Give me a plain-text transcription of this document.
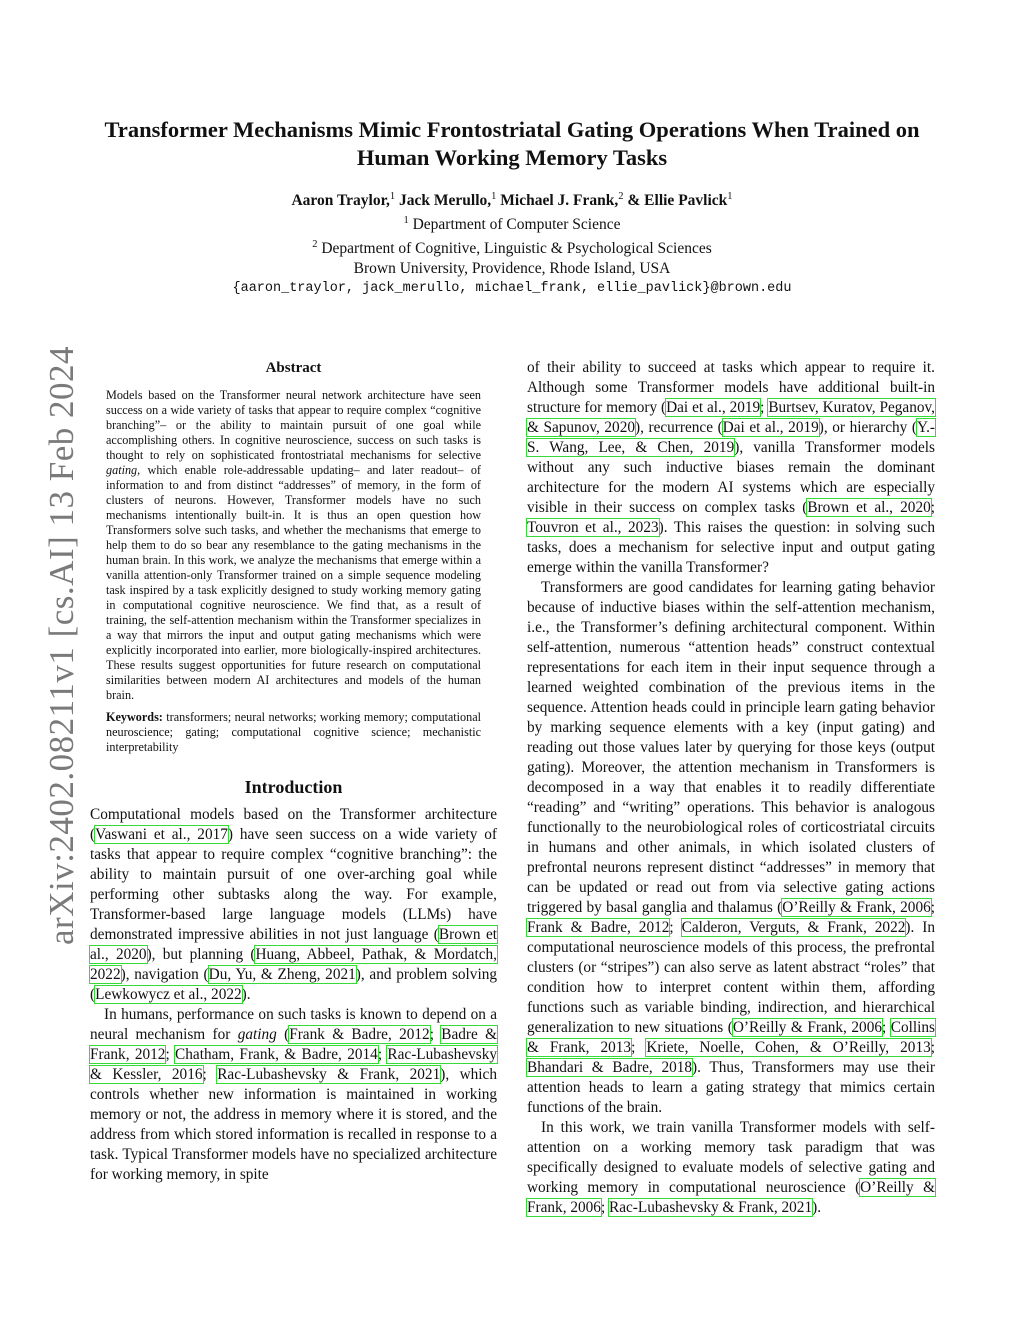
arXiv:2402.08211v1 [cs.AI] 13 Feb 2024
Transformer Mechanisms Mimic Frontostriatal Gating Operations When Trained on Human Working Memory Tasks
Aaron Traylor,$^1$ Jack Merullo,$^1$ Michael J. Frank,$^2$ & Ellie Pavlick$^1$
$^1$ Department of Computer Science
$^2$ Department of Cognitive, Linguistic & Psychological Sciences
Brown University, Providence, Rhode Island, USA
{aaron_traylor, jack_merullo, michael_frank, ellie_pavlick}@brown.edu
Abstract

Models based on the Transformer neural network architecture have seen success on a wide variety of tasks that appear to require complex “cognitive branching”– or the ability to maintain pursuit of one goal while accomplishing others. In cognitive neuroscience, success on such tasks is thought to rely on sophisticated frontostriatal mechanisms for selective gating, which enable role-addressable updating– and later readout– of information to and from distinct “addresses” of memory, in the form of clusters of neurons. However, Transformer models have no such mechanisms intentionally built-in. It is thus an open question how Transformers solve such tasks, and whether the mechanisms that emerge to help them to do so bear any resemblance to the gating mechanisms in the human brain. In this work, we analyze the mechanisms that emerge within a vanilla attention-only Transformer trained on a simple sequence modeling task inspired by a task explicitly designed to study working memory gating in computational cognitive neuroscience. We find that, as a result of training, the self-attention mechanism within the Transformer specializes in a way that mirrors the input and output gating mechanisms which were explicitly incorporated into earlier, more biologically-inspired architectures. These results suggest opportunities for future research on computational similarities between modern AI architectures and models of the human brain.

Keywords: transformers; neural networks; working memory; computational neuroscience; gating; computational cognitive science; mechanistic interpretability

Introduction

Computational models based on the Transformer architecture (Vaswani et al., 2017) have seen success on a wide variety of tasks that appear to require complex “cognitive branching”: the ability to maintain pursuit of one over-arching goal while performing other subtasks along the way. For example, Transformer-based large language models (LLMs) have demonstrated impressive abilities in not just language (Brown et al., 2020), but planning (Huang, Abbeel, Pathak, & Mordatch, 2022), navigation (Du, Yu, & Zheng, 2021), and problem solving (Lewkowycz et al., 2022).

In humans, performance on such tasks is known to depend on a neural mechanism for gating (Frank & Badre, 2012; Badre & Frank, 2012; Chatham, Frank, & Badre, 2014; Rac-Lubashevsky & Kessler, 2016; Rac-Lubashevsky & Frank, 2021), which controls whether new information is maintained in working memory or not, the address in memory where it is stored, and the address from which stored information is recalled in response to a task. Typical Transformer models have no specialized architecture for working memory, in spite

of their ability to succeed at tasks which appear to require it. Although some Transformer models have additional built-in structure for memory (Dai et al., 2019; Burtsev, Kuratov, Peganov, & Sapunov, 2020), recurrence (Dai et al., 2019), or hierarchy (Y.-S. Wang, Lee, & Chen, 2019), vanilla Transformer models without any such inductive biases remain the dominant architecture for the modern AI systems which are especially visible in their success on complex tasks (Brown et al., 2020; Touvron et al., 2023). This raises the question: in solving such tasks, does a mechanism for selective input and output gating emerge within the vanilla Transformer?

Transformers are good candidates for learning gating behavior because of inductive biases within the self-attention mechanism, i.e., the Transformer’s defining architectural component. Within self-attention, numerous “attention heads” construct contextual representations for each item in their input sequence through a learned weighted combination of the previous items in the sequence. Attention heads could in principle learn gating behavior by marking sequence elements with a key (input gating) and reading out those values later by querying for those keys (output gating). Moreover, the attention mechanism in Transformers is decomposed in a way that enables it to readily differentiate “reading” and “writing” operations. This behavior is analogous functionally to the neurobiological roles of corticostriatal circuits in humans and other animals, in which isolated clusters of prefrontal neurons represent distinct “addresses” in memory that can be updated or read out from via selective gating actions triggered by basal ganglia and thalamus (O’Reilly & Frank, 2006; Frank & Badre, 2012; Calderon, Verguts, & Frank, 2022). In computational neuroscience models of this process, the prefrontal clusters (or “stripes”) can also serve as latent abstract “roles” that condition how to interpret content within them, affording functions such as variable binding, indirection, and hierarchical generalization to new situations (O’Reilly & Frank, 2006; Collins & Frank, 2013; Kriete, Noelle, Cohen, & O’Reilly, 2013; Bhandari & Badre, 2018). Thus, Transformers may use their attention heads to learn a gating strategy that mimics certain functions of the brain.

In this work, we train vanilla Transformer models with self-attention on a working memory task paradigm that was specifically designed to evaluate models of selective gating and working memory in computational neuroscience (O’Reilly & Frank, 2006; Rac-Lubashevsky & Frank, 2021).
